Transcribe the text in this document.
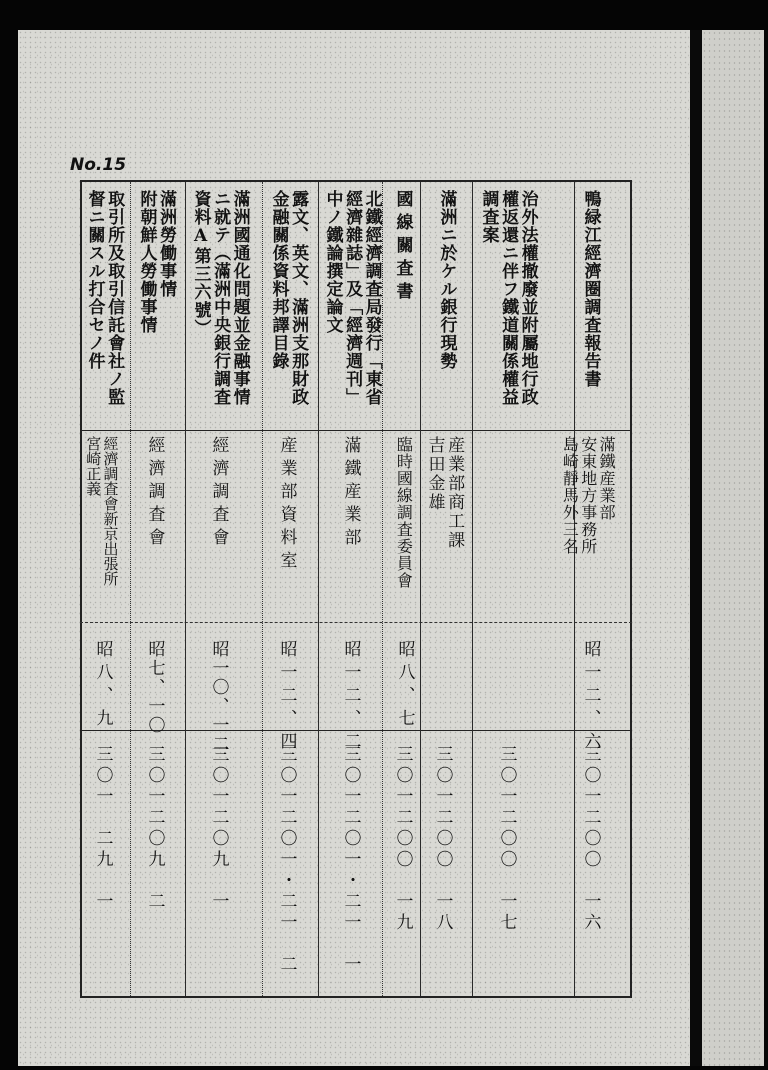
No.15
鴨緑江經濟圈調査報告書
滿鐵産業部
安東地方事務所
島崎靜馬外三名
昭一二、六
三〇一二〇〇　一六
治外法權撤廢並附屬地行政
權返還ニ伴フ鐵道關係權益
調査案
三〇一二〇〇　一七
滿洲ニ於ケル銀行現勢
産業部商工課
吉田金雄
三〇一二〇〇　一八
國線關査書
臨時國線調査委員會
昭八、七
三〇一二〇〇　一九
北鐵經濟調査局發行「東省
經濟雜誌」及「經濟週刊」
中ノ鐵論撰定論文
滿鐵産業部
昭一二、二
三〇一二〇一・二一　一
露文、英文、滿洲支那財政
金融關係資料邦譯目錄
産業部資料室
昭一二、四
三〇一二〇一・二一　二
滿洲國通化問題並金融事情
ニ就テ（滿洲中央銀行調査
資料A第三六號）
經濟調査會
昭一〇、一二
三〇一二〇九　一
滿洲勞働事情
附朝鮮人勞働事情
經濟調査會
昭七、一〇
三〇一二〇九　二
取引所及取引信託會社ノ監
督ニ關スル打合セノ件
經濟調査會新京出張所
宮崎正義
昭八、九
三〇一　二九　一
